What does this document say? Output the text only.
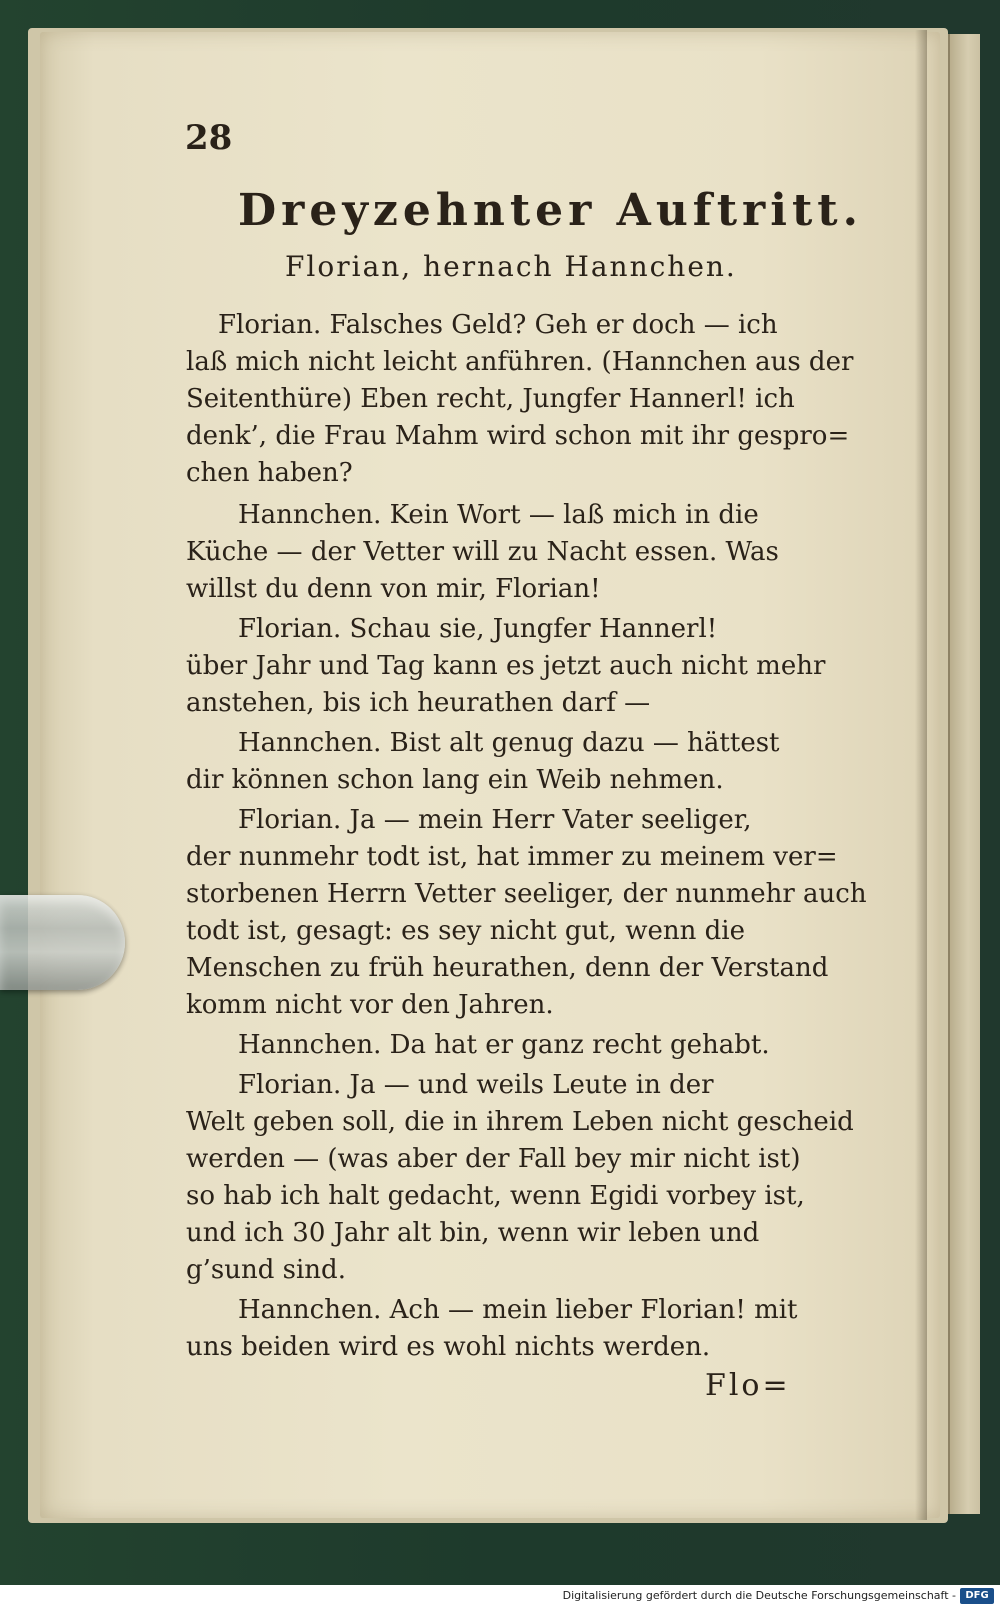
28
Dreyzehnter Auftritt.
Florian, hernach Hannchen.
Florian. Falsches Geld? Geh er doch — ich
laß mich nicht leicht anführen. (Hannchen aus der
Seitenthüre) Eben recht, Jungfer Hannerl! ich
denk’, die Frau Mahm wird schon mit ihr gespro=
chen haben?
Hannchen. Kein Wort — laß mich in die
Küche — der Vetter will zu Nacht essen. Was
willst du denn von mir, Florian!
Florian. Schau sie, Jungfer Hannerl!
über Jahr und Tag kann es jetzt auch nicht mehr
anstehen, bis ich heurathen darf —
Hannchen. Bist alt genug dazu — hättest
dir können schon lang ein Weib nehmen.
Florian. Ja — mein Herr Vater seeliger,
der nunmehr todt ist, hat immer zu meinem ver=
storbenen Herrn Vetter seeliger, der nunmehr auch
todt ist, gesagt: es sey nicht gut, wenn die
Menschen zu früh heurathen, denn der Verstand
komm nicht vor den Jahren.
Hannchen. Da hat er ganz recht gehabt.
Florian. Ja — und weils Leute in der
Welt geben soll, die in ihrem Leben nicht gescheid
werden — (was aber der Fall bey mir nicht ist)
so hab ich halt gedacht, wenn Egidi vorbey ist,
und ich 30 Jahr alt bin, wenn wir leben und
g’sund sind.
Hannchen. Ach — mein lieber Florian! mit
uns beiden wird es wohl nichts werden.
Flo=
Digitalisierung gefördert durch die Deutsche Forschungsgemeinschaft - DFG
